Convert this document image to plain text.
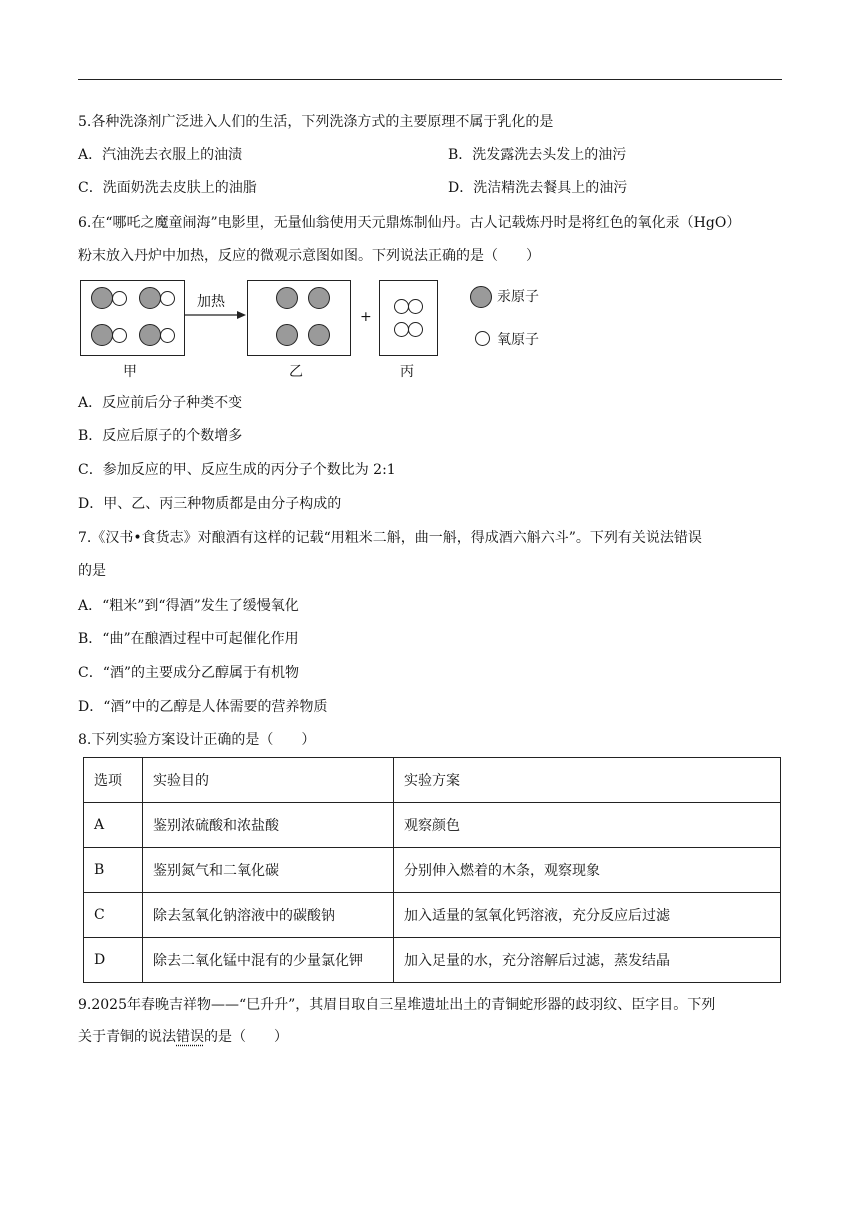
5.各种洗涤剂广泛进入人们的生活，下列洗涤方式的主要原理不属于乳化的是
A．汽油洗去衣服上的油渍	B．洗发露洗去头发上的油污
C．洗面奶洗去皮肤上的油脂	D．洗洁精洗去餐具上的油污
6.在“哪吒之魔童闹海”电影里，无量仙翁使用天元鼎炼制仙丹。古人记载炼丹时是将红色的氧化汞（HgO）
粉末放入丹炉中加热，反应的微观示意图如图。下列说法正确的是（　　）
甲
加热
乙
+
丙
汞原子
氧原子
A．反应前后分子种类不变
B．反应后原子的个数增多
C．参加反应的甲、反应生成的丙分子个数比为 2:1
D．甲、乙、丙三种物质都是由分子构成的
7.《汉书•食货志》对酿酒有这样的记载“用粗米二斛，曲一斛，得成酒六斛六斗”。下列有关说法错误
的是
A．“粗米”到“得酒”发生了缓慢氧化
B．“曲”在酿酒过程中可起催化作用
C．“酒”的主要成分乙醇属于有机物
D．“酒”中的乙醇是人体需要的营养物质
8.下列实验方案设计正确的是（　　）
选项	实验目的	实验方案
A	鉴别浓硫酸和浓盐酸	观察颜色
B	鉴别氮气和二氧化碳	分别伸入燃着的木条，观察现象
C	除去氢氧化钠溶液中的碳酸钠	加入适量的氢氧化钙溶液，充分反应后过滤
D	除去二氧化锰中混有的少量氯化钾	加入足量的水，充分溶解后过滤，蒸发结晶
9.2025年春晚吉祥物——“巳升升”，其眉目取自三星堆遗址出土的青铜蛇形器的歧羽纹、臣字目。下列
关于青铜的说法错误的是（　　）
